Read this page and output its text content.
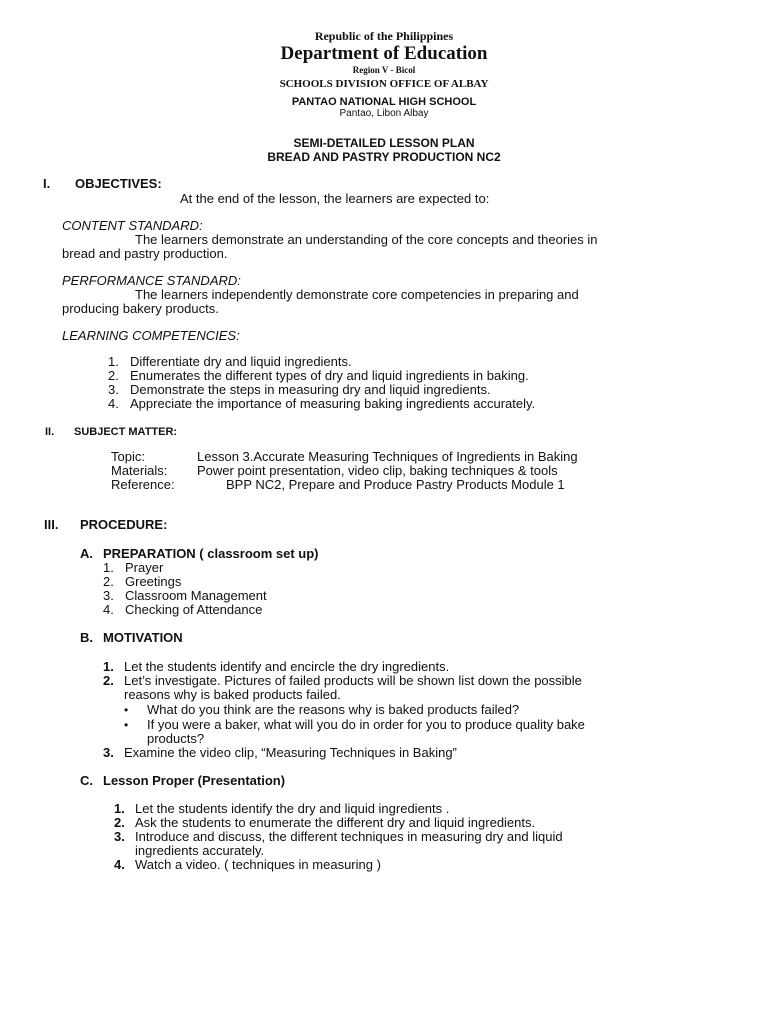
Republic of the Philippines
Department of Education
Region V - Bicol
SCHOOLS DIVISION OFFICE OF ALBAY
PANTAO NATIONAL HIGH SCHOOL
Pantao, Libon Albay
SEMI-DETAILED LESSON PLAN
BREAD AND PASTRY PRODUCTION NC2
I. OBJECTIVES:
At the end of the lesson, the learners are expected to:
CONTENT STANDARD:
The learners demonstrate an understanding of the core concepts and theories in
bread and pastry production.
PERFORMANCE STANDARD:
The learners independently demonstrate core competencies in preparing and
producing bakery products.
LEARNING COMPETENCIES:
1. Differentiate dry and liquid ingredients.
2. Enumerates the different types of dry and liquid ingredients in baking.
3. Demonstrate the steps in measuring dry and liquid ingredients.
4. Appreciate the importance of measuring baking ingredients accurately.
II. SUBJECT MATTER:
Topic:	Lesson 3.Accurate Measuring Techniques of Ingredients in Baking
Materials: Power point presentation, video clip, baking techniques & tools
Reference:	BPP NC2, Prepare and Produce Pastry Products Module 1
III. PROCEDURE:
A. PREPARATION ( classroom set up)
1. Prayer
2. Greetings
3. Classroom Management
4. Checking of Attendance
B. MOTIVATION
1. Let the students identify and encircle the dry ingredients.
2. Let’s investigate. Pictures of failed products will be shown list down the possible
reasons why is baked products failed.
•
What do you think are the reasons why is baked products failed?
•
If you were a baker, what will you do in order for you to produce quality bake
products?
3. Examine the video clip, “Measuring Techniques in Baking”
C. Lesson Proper (Presentation)
1. Let the students identify the dry and liquid ingredients .
2. Ask the students to enumerate the different dry and liquid ingredients.
3. Introduce and discuss, the different techniques in measuring dry and liquid
ingredients accurately.
4. Watch a video. ( techniques in measuring )
